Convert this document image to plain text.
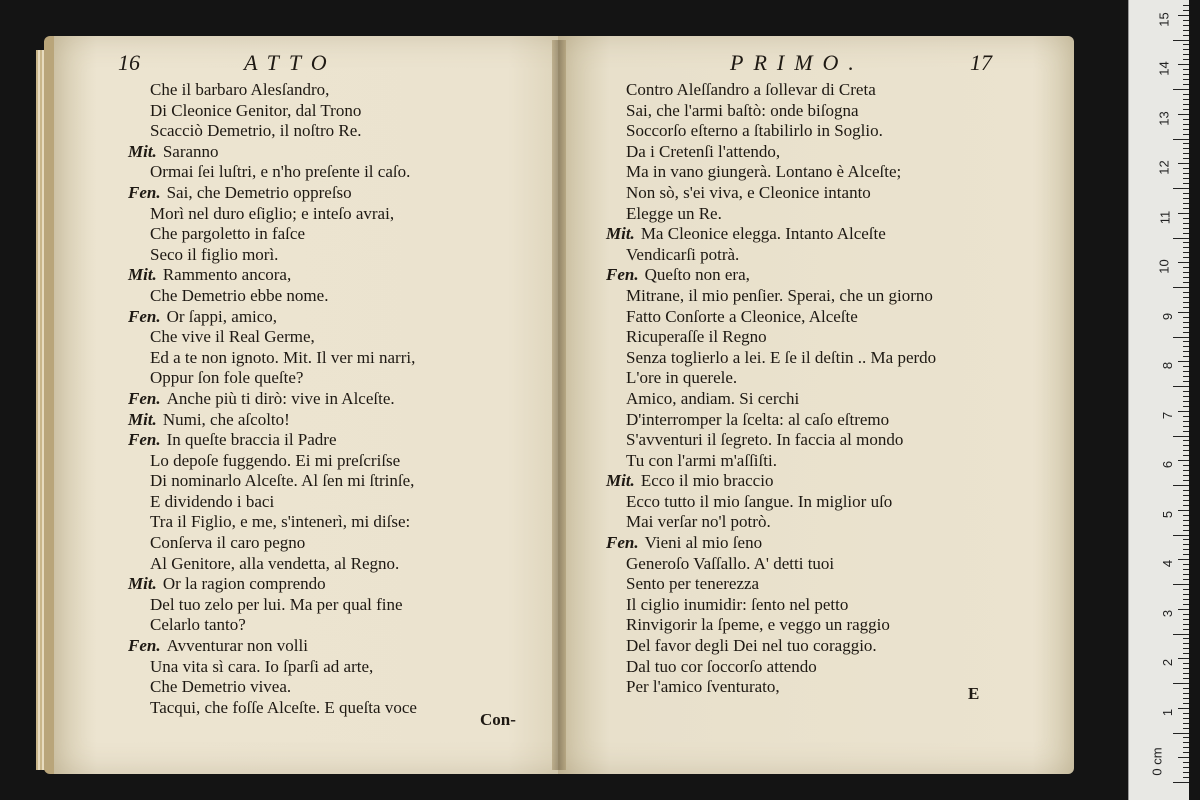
16	ATTO
Che il barbaro Alesſandro,
Di Cleonice Genitor, dal Trono
Scacciò Demetrio, il noſtro Re.
Mit. Saranno
Ormai ſei luſtri, e n'ho preſente il caſo.
Fen. Sai, che Demetrio oppreſso
Morì nel duro eſiglio; e inteſo avrai,
Che pargoletto in faſce
Seco il figlio morì.
Mit. Rammento ancora,
Che Demetrio ebbe nome.
Fen. Or ſappi, amico,
Che vive il Real Germe,
Ed a te non ignoto. Mit. Il ver mi narri,
Oppur ſon fole queſte?
Fen. Anche più ti dirò: vive in Alceſte.
Mit. Numi, che aſcolto!
Fen. In queſte braccia il Padre
Lo depoſe fuggendo. Ei mi preſcriſse
Di nominarlo Alceſte. Al ſen mi ſtrinſe,
E dividendo i baci
Tra il Figlio, e me, s'intenerì, mi diſse:
Conſerva il caro pegno
Al Genitore, alla vendetta, al Regno.
Mit. Or la ragion comprendo
Del tuo zelo per lui. Ma per qual fine
Celarlo tanto?
Fen. Avventurar non volli
Una vita sì cara. Io ſparſi ad arte,
Che Demetrio vivea.
Tacqui, che foſſe Alceſte. E queſta voce
Con-
PRIMO.	17
Contro Aleſſandro a ſollevar di Creta
Sai, che l'armi baſtò: onde biſogna
Soccorſo eſterno a ſtabilirlo in Soglio.
Da i Cretenſi l'attendo,
Ma in vano giungerà. Lontano è Alceſte;
Non sò, s'ei viva, e Cleonice intanto
Elegge un Re.
Mit. Ma Cleonice elegga. Intanto Alceſte
Vendicarſi potrà.
Fen. Queſto non era,
Mitrane, il mio penſier. Sperai, che un giorno
Fatto Conſorte a Cleonice, Alceſte
Ricuperaſſe il Regno
Senza toglierlo a lei. E ſe il deſtin .. Ma perdo
L'ore in querele.
Amico, andiam. Si cerchi
D'interromper la ſcelta: al caſo eſtremo
S'avventuri il ſegreto. In faccia al mondo
Tu con l'armi m'aſſiſti.
Mit. Ecco il mio braccio
Ecco tutto il mio ſangue. In miglior uſo
Mai verſar no'l potrò.
Fen. Vieni al mio ſeno
Generoſo Vaſſallo. A' detti tuoi
Sento per tenerezza
Il ciglio inumidir: ſento nel petto
Rinvigorir la ſpeme, e veggo un raggio
Del favor degli Dei nel tuo coraggio.
Dal tuo cor ſoccorſo attendo
Per l'amico ſventurato,	E
0 cm
1
2
3
4
5
6
7
8
9
10
11
12
13
14
15
